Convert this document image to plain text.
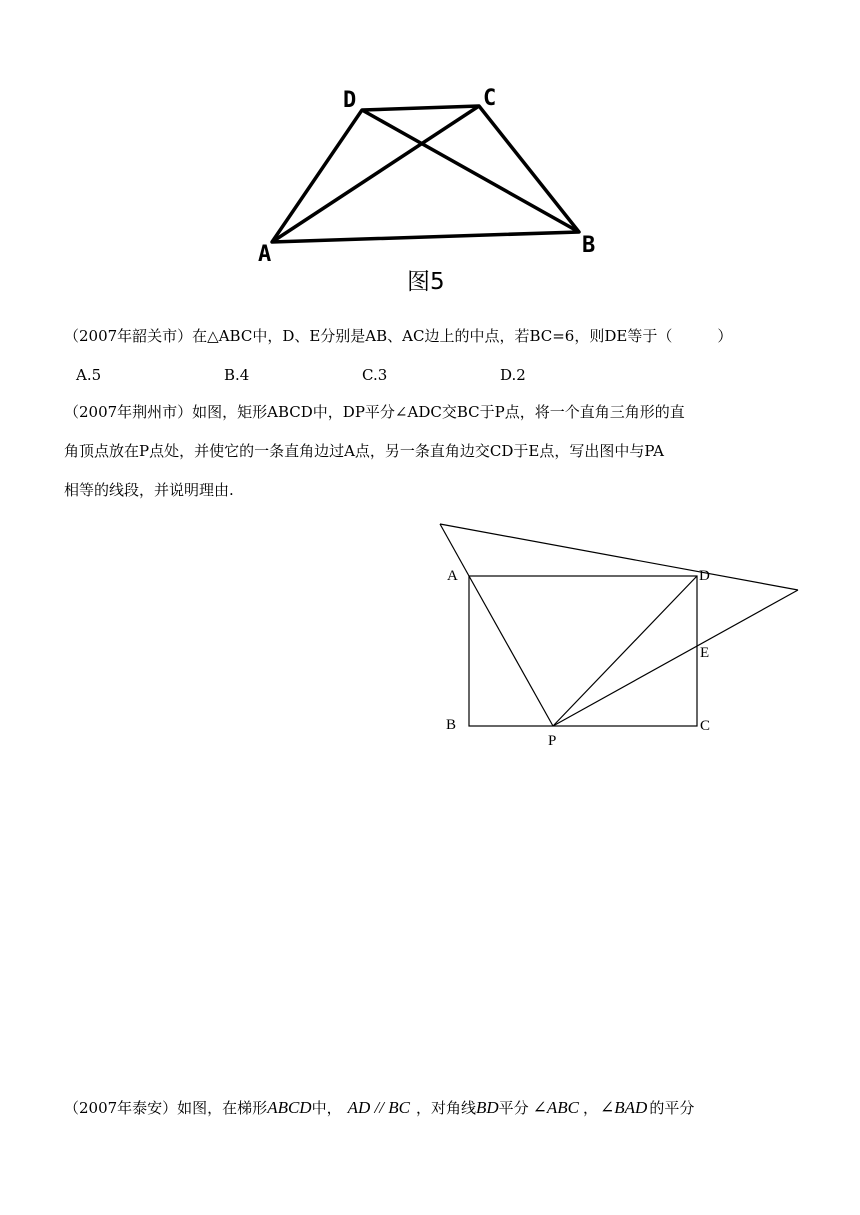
D	C
A	B
图5
（2007年韶关市）在△ABC中，D、E分别是AB、AC边上的中点，若BC=6，则DE等于（　　　）
A.5	B.4	C.3	D.2
（2007年荆州市）如图，矩形ABCD中，DP平分∠ADC交BC于P点，将一个直角三角形的直
角顶点放在P点处，并使它的一条直角边过A点，另一条直角边交CD于E点，写出图中与PA
相等的线段，并说明理由.
A	D
E
B
P
C
（2007年泰安）如图，在梯形ABCD中， AD // BC ，对角线BD平分 ∠ABC ， ∠BAD 的平分
